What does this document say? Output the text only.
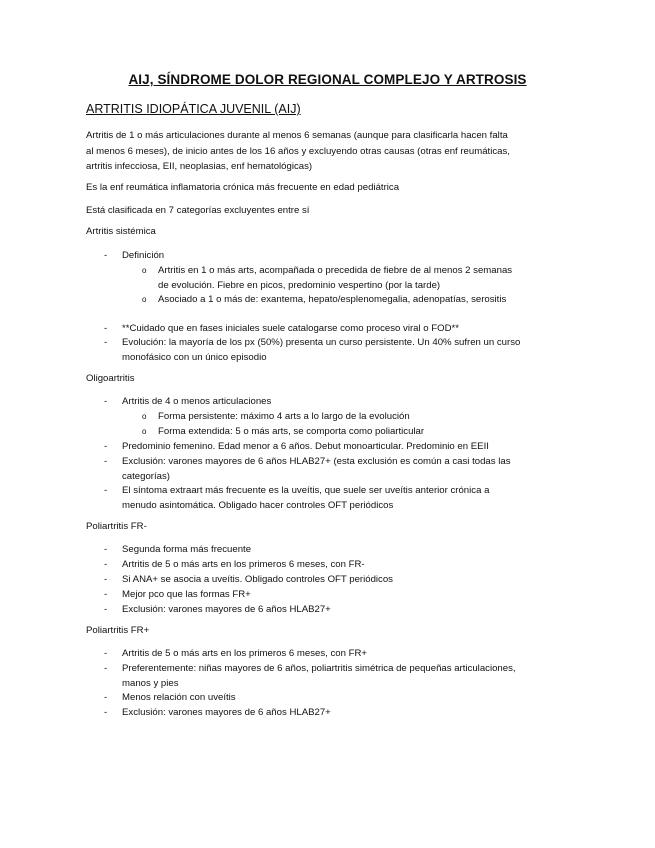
AIJ, SÍNDROME DOLOR REGIONAL COMPLEJO Y ARTROSIS
ARTRITIS IDIOPÁTICA JUVENIL (AIJ)
Artritis de 1 o más articulaciones durante al menos 6 semanas (aunque para clasificarla hacen falta al menos 6 meses), de inicio antes de los 16 años y excluyendo otras causas (otras enf reumáticas, artritis infecciosa, EII, neoplasias, enf hematológicas)
Es la enf reumática inflamatoria crónica más frecuente en edad pediátrica
Está clasificada en 7 categorías excluyentes entre sí
Artritis sistémica
- Definición
o Artritis en 1 o más arts, acompañada o precedida de fiebre de al menos 2 semanas de evolución. Fiebre en picos, predominio vespertino (por la tarde)
o Asociado a 1 o más de: exantema, hepato/esplenomegalia, adenopatías, serositis
- **Cuidado que en fases iniciales suele catalogarse como proceso viral o FOD**
- Evolución: la mayoría de los px (50%) presenta un curso persistente. Un 40% sufren un curso monofásico con un único episodio
Oligoartritis
- Artritis de 4 o menos articulaciones
o Forma persistente: máximo 4 arts a lo largo de la evolución
o Forma extendida: 5 o más arts, se comporta como poliarticular
- Predominio femenino. Edad menor a 6 años. Debut monoarticular. Predominio en EEII
- Exclusión: varones mayores de 6 años HLAB27+ (esta exclusión es común a casi todas las categorías)
- El síntoma extraart más frecuente es la uveítis, que suele ser uveítis anterior crónica a menudo asintomática. Obligado hacer controles OFT periódicos
Poliartritis FR-
- Segunda forma más frecuente
- Artritis de 5 o más arts en los primeros 6 meses, con FR-
- Si ANA+ se asocia a uveítis. Obligado controles OFT periódicos
- Mejor pco que las formas FR+
- Exclusión: varones mayores de 6 años HLAB27+
Poliartritis FR+
- Artritis de 5 o más arts en los primeros 6 meses, con FR+
- Preferentemente: niñas mayores de 6 años, poliartritis simétrica de pequeñas articulaciones, manos y pies
- Menos relación con uveítis
- Exclusión: varones mayores de 6 años HLAB27+
